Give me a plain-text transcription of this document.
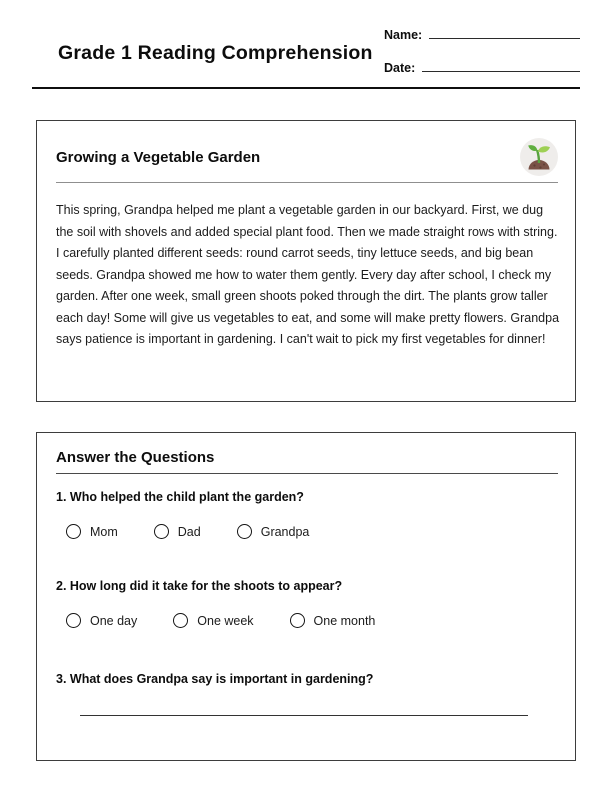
Grade 1 Reading Comprehension
Name:
Date:
Growing a Vegetable Garden

This spring, Grandpa helped me plant a vegetable garden in our backyard. First, we dug the soil with shovels and added special plant food. Then we made straight rows with string. I carefully planted different seeds: round carrot seeds, tiny lettuce seeds, and big bean seeds. Grandpa showed me how to water them gently. Every day after school, I check my garden. After one week, small green shoots poked through the dirt. The plants grow taller each day! Some will give us vegetables to eat, and some will make pretty flowers. Grandpa says patience is important in gardening. I can't wait to pick my first vegetables for dinner!

Answer the Questions

1. Who helped the child plant the garden?

Mom	Dad	Grandpa

2. How long did it take for the shoots to appear?

One day	One week	One month

3. What does Grandpa say is important in gardening?
